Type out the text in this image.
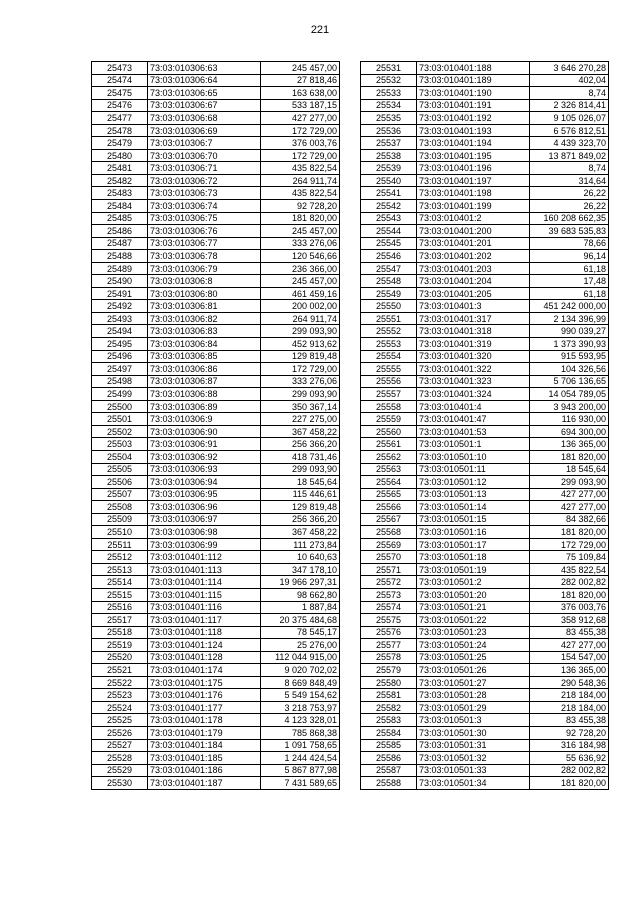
221
25473	73:03:010306:63	245 457,00
25474	73:03:010306:64	27 818,46
25475	73:03:010306:65	163 638,00
25476	73:03:010306:67	533 187,15
25477	73:03:010306:68	427 277,00
25478	73:03:010306:69	172 729,00
25479	73:03:010306:7	376 003,76
25480	73:03:010306:70	172 729,00
25481	73:03:010306:71	435 822,54
25482	73:03:010306:72	264 911,74
25483	73:03:010306:73	435 822,54
25484	73:03:010306:74	92 728,20
25485	73:03:010306:75	181 820,00
25486	73:03:010306:76	245 457,00
25487	73:03:010306:77	333 276,06
25488	73:03:010306:78	120 546,66
25489	73:03:010306:79	236 366,00
25490	73:03:010306:8	245 457,00
25491	73:03:010306:80	461 459,16
25492	73:03:010306:81	200 002,00
25493	73:03:010306:82	264 911,74
25494	73:03:010306:83	299 093,90
25495	73:03:010306:84	452 913,62
25496	73:03:010306:85	129 819,48
25497	73:03:010306:86	172 729,00
25498	73:03:010306:87	333 276,06
25499	73:03:010306:88	299 093,90
25500	73:03:010306:89	350 367,14
25501	73:03:010306:9	227 275,00
25502	73:03:010306:90	367 458,22
25503	73:03:010306:91	256 366,20
25504	73:03:010306:92	418 731,46
25505	73:03:010306:93	299 093,90
25506	73:03:010306:94	18 545,64
25507	73:03:010306:95	115 446,61
25508	73:03:010306:96	129 819,48
25509	73:03:010306:97	256 366,20
25510	73:03:010306:98	367 458,22
25511	73:03:010306:99	111 273,84
25512	73:03:010401:112	10 640,63
25513	73:03:010401:113	347 178,10
25514	73:03:010401:114	19 966 297,31
25515	73:03:010401:115	98 662,80
25516	73:03:010401:116	1 887,84
25517	73:03:010401:117	20 375 484,68
25518	73:03:010401:118	78 545,17
25519	73:03:010401:124	25 276,00
25520	73:03:010401:128	112 044 915,00
25521	73:03:010401:174	9 020 702,02
25522	73:03:010401:175	8 669 848,49
25523	73:03:010401:176	5 549 154,62
25524	73:03:010401:177	3 218 753,97
25525	73:03:010401:178	4 123 328,01
25526	73:03:010401:179	785 868,38
25527	73:03:010401:184	1 091 758,65
25528	73:03:010401:185	1 244 424,54
25529	73:03:010401:186	5 867 877,98
25530	73:03:010401:187	7 431 589,65
25531	73:03:010401:188	3 646 270,28
25532	73:03:010401:189	402,04
25533	73:03:010401:190	8,74
25534	73:03:010401:191	2 326 814,41
25535	73:03:010401:192	9 105 026,07
25536	73:03:010401:193	6 576 812,51
25537	73:03:010401:194	4 439 323,70
25538	73:03:010401:195	13 871 849,02
25539	73:03:010401:196	8,74
25540	73:03:010401:197	314,64
25541	73:03:010401:198	26,22
25542	73:03:010401:199	26,22
25543	73:03:010401:2	160 208 662,35
25544	73:03:010401:200	39 683 535,83
25545	73:03:010401:201	78,66
25546	73:03:010401:202	96,14
25547	73:03:010401:203	61,18
25548	73:03:010401:204	17,48
25549	73:03:010401:205	61,18
25550	73:03:010401:3	451 242 000,00
25551	73:03:010401:317	2 134 396,99
25552	73:03:010401:318	990 039,27
25553	73:03:010401:319	1 373 390,93
25554	73:03:010401:320	915 593,95
25555	73:03:010401:322	104 326,56
25556	73:03:010401:323	5 706 136,65
25557	73:03:010401:324	14 054 789,05
25558	73:03:010401:4	3 943 200,00
25559	73:03:010401:47	116 930,00
25560	73:03:010401:53	694 300,00
25561	73:03:010501:1	136 365,00
25562	73:03:010501:10	181 820,00
25563	73:03:010501:11	18 545,64
25564	73:03:010501:12	299 093,90
25565	73:03:010501:13	427 277,00
25566	73:03:010501:14	427 277,00
25567	73:03:010501:15	84 382,66
25568	73:03:010501:16	181 820,00
25569	73:03:010501:17	172 729,00
25570	73:03:010501:18	75 109,84
25571	73:03:010501:19	435 822,54
25572	73:03:010501:2	282 002,82
25573	73:03:010501:20	181 820,00
25574	73:03:010501:21	376 003,76
25575	73:03:010501:22	358 912,68
25576	73:03:010501:23	83 455,38
25577	73:03:010501:24	427 277,00
25578	73:03:010501:25	154 547,00
25579	73:03:010501:26	136 365,00
25580	73:03:010501:27	290 548,36
25581	73:03:010501:28	218 184,00
25582	73:03:010501:29	218 184,00
25583	73:03:010501:3	83 455,38
25584	73:03:010501:30	92 728,20
25585	73:03:010501:31	316 184,98
25586	73:03:010501:32	55 636,92
25587	73:03:010501:33	282 002,82
25588	73:03:010501:34	181 820,00
